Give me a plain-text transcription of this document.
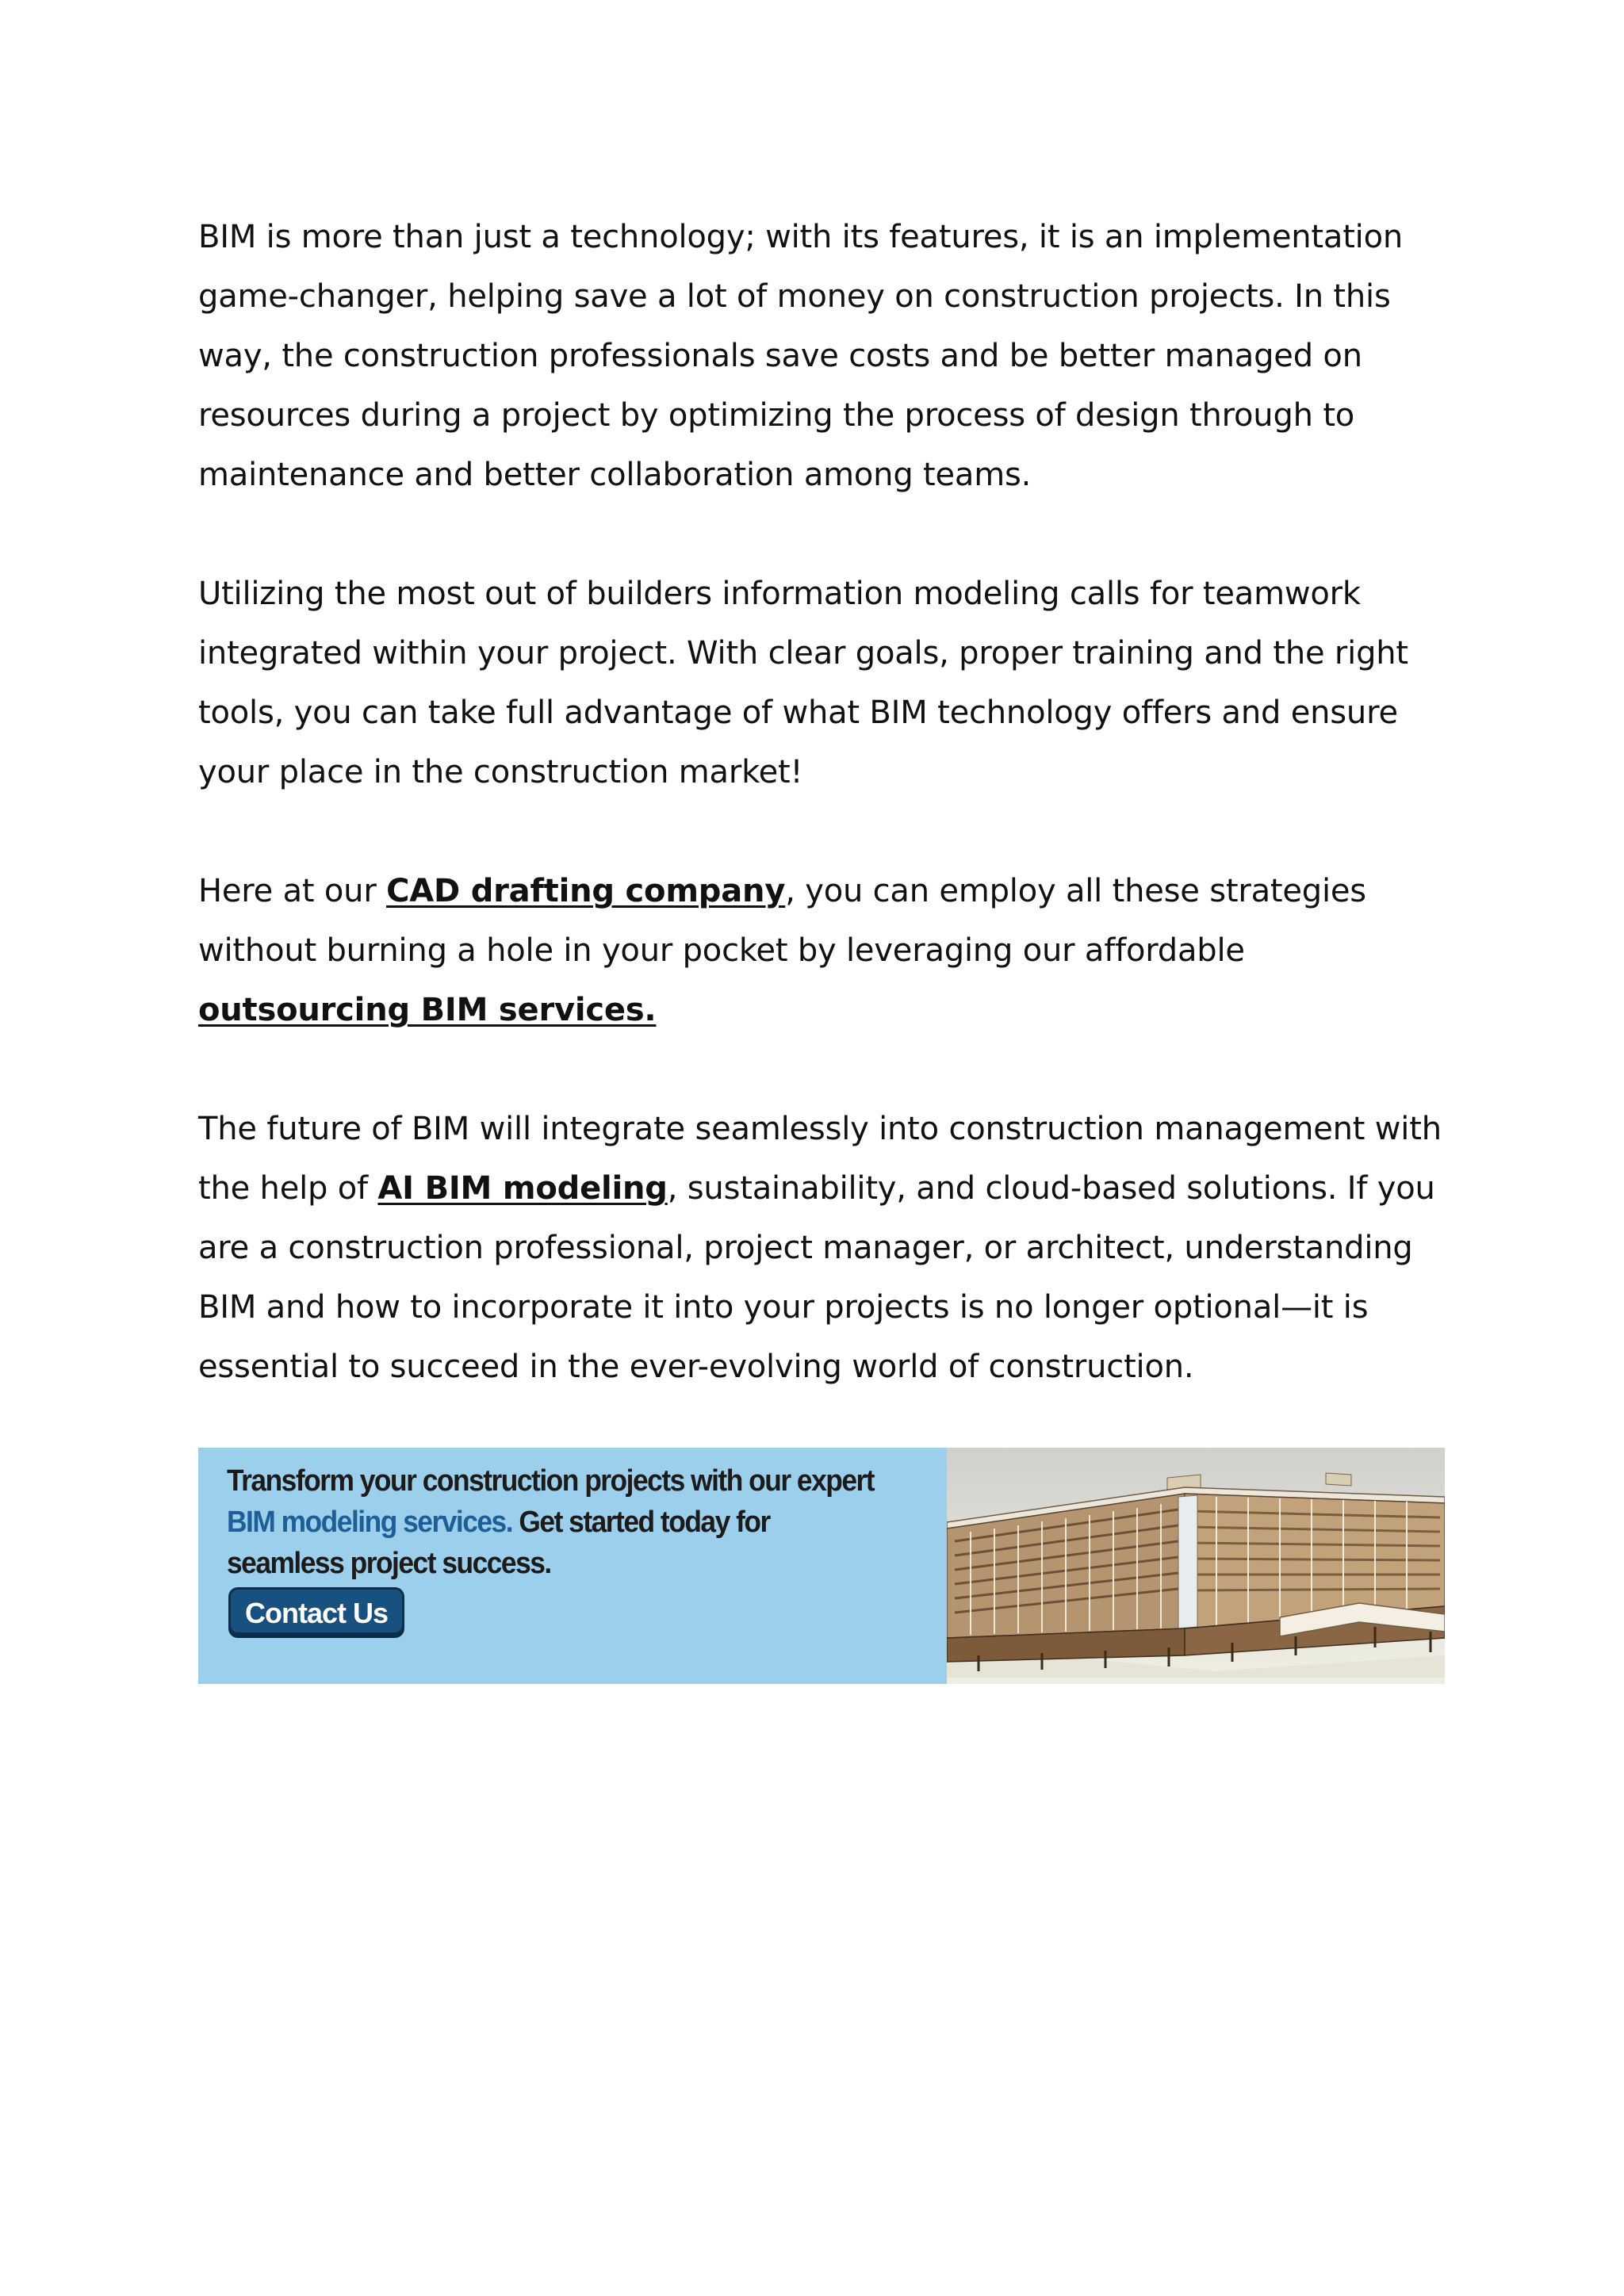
BIM is more than just a technology; with its features, it is an implementation game-changer, helping save a lot of money on construction projects. In this way, the construction professionals save costs and be better managed on resources during a project by optimizing the process of design through to maintenance and better collaboration among teams.

Utilizing the most out of builders information modeling calls for teamwork integrated within your project. With clear goals, proper training and the right tools, you can take full advantage of what BIM technology offers and ensure your place in the construction market!

Here at our CAD drafting company, you can employ all these strategies without burning a hole in your pocket by leveraging our affordable outsourcing BIM services.

The future of BIM will integrate seamlessly into construction management with the help of AI BIM modeling, sustainability, and cloud-based solutions. If you are a construction professional, project manager, or architect, understanding BIM and how to incorporate it into your projects is no longer optional—it is essential to succeed in the ever-evolving world of construction.

Transform your construction projects with our expert BIM modeling services. Get started today for seamless project success.
Contact Us
